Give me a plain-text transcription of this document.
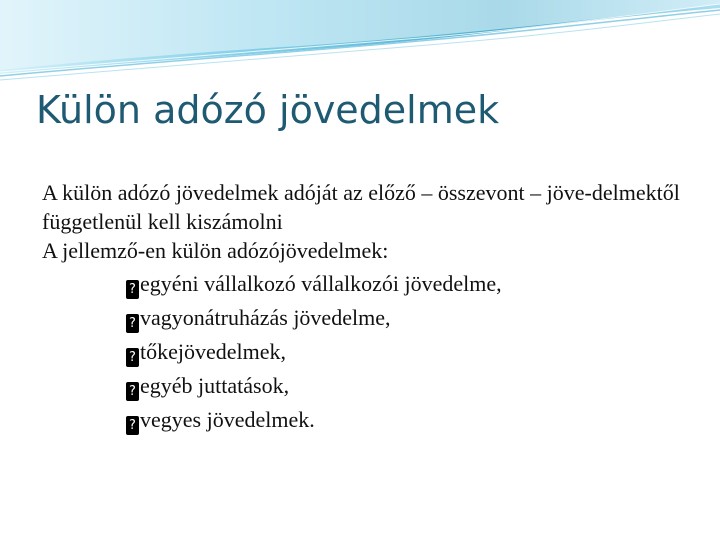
Külön adózó jövedelmek

A külön adózó jövedelmek adóját az előző – összevont – jöve-delmektől függetlenül kell kiszámolni

A jellemző-en külön adózójövedelmek:

? egyéni vállalkozó vállalkozói jövedelme,
? vagyonátruházás jövedelme,
? tőkejövedelmek,
? egyéb juttatások,
? vegyes jövedelmek.
